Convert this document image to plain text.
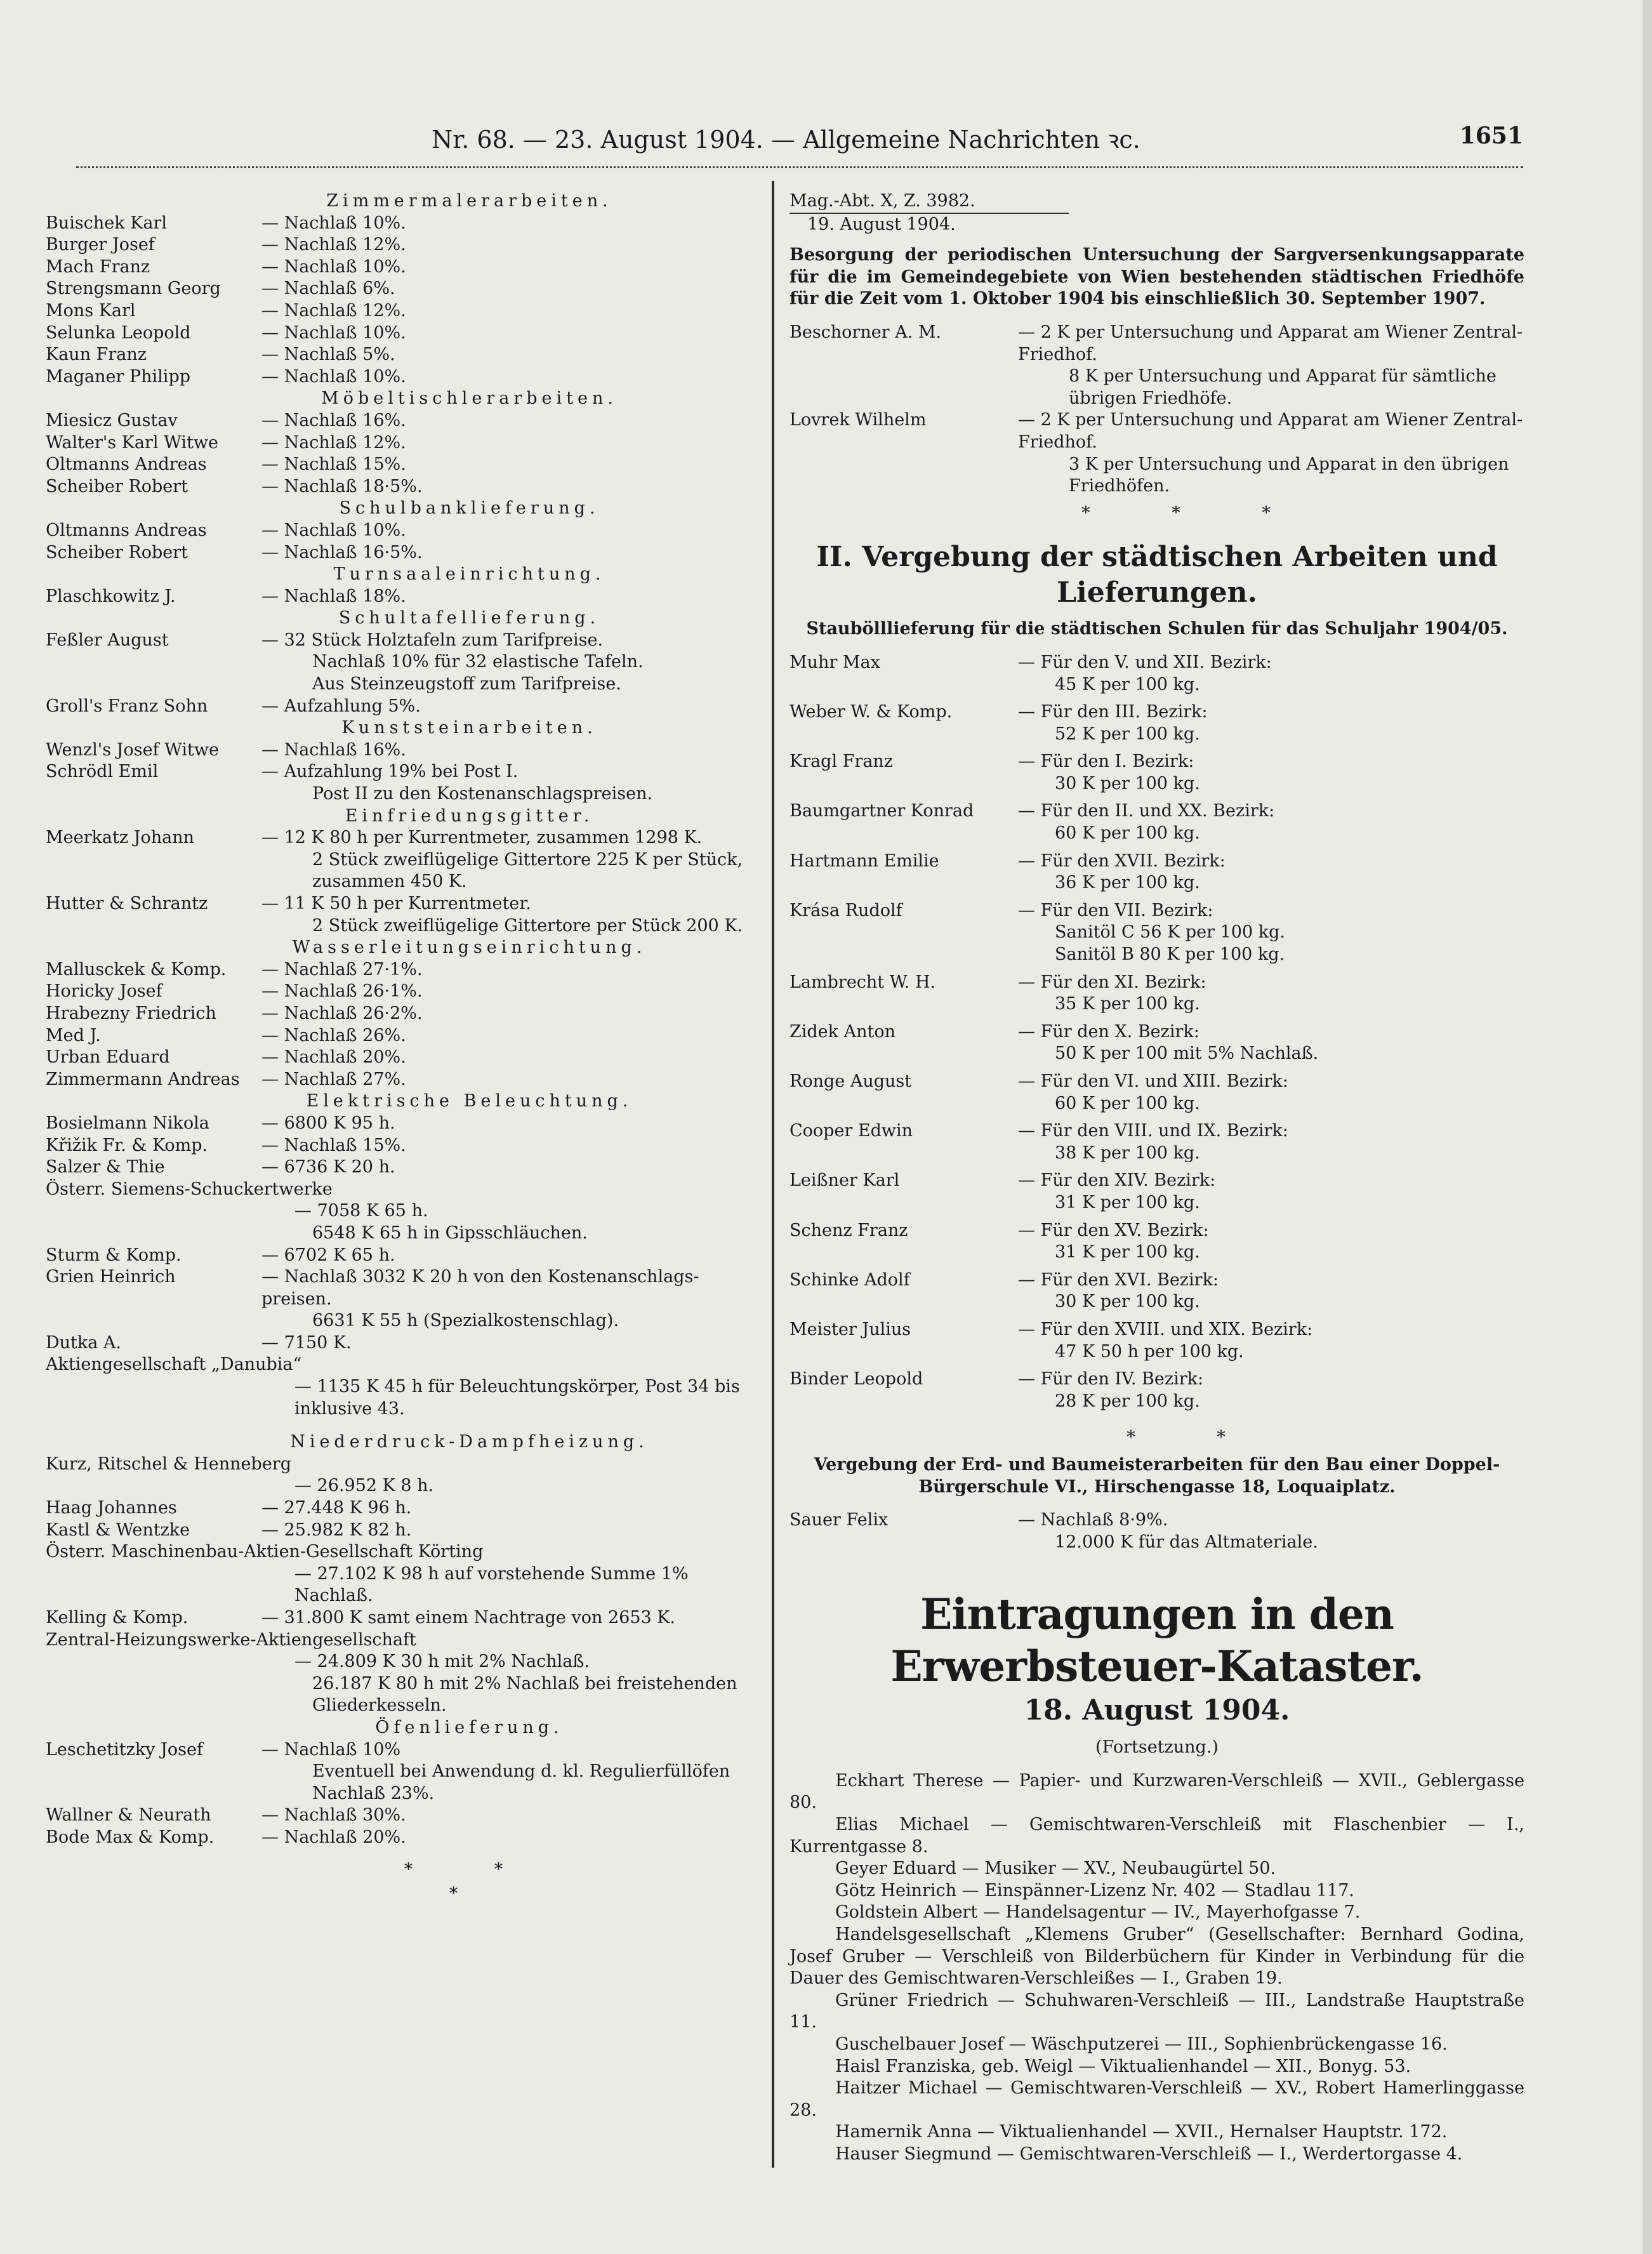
Nr. 68. — 23. August 1904. — Allgemeine Nachrichten ꝛc.	1651
Zimmermalerarbeiten.
Buischek Karl	— Nachlaß 10%.
Burger Josef	— Nachlaß 12%.
Mach Franz	— Nachlaß 10%.
Strengsmann Georg	— Nachlaß 6%.
Mons Karl	— Nachlaß 12%.
Selunka Leopold	— Nachlaß 10%.
Kaun Franz	— Nachlaß 5%.
Maganer Philipp	— Nachlaß 10%.
Möbeltischlerarbeiten.
Miesicz Gustav	— Nachlaß 16%.
Walter's Karl Witwe	— Nachlaß 12%.
Oltmanns Andreas	— Nachlaß 15%.
Scheiber Robert	— Nachlaß 18·5%.
Schulbanklieferung.
Oltmanns Andreas	— Nachlaß 10%.
Scheiber Robert	— Nachlaß 16·5%.
Turnsaaleinrichtung.
Plaschkowitz J.	— Nachlaß 18%.
Schultafellieferung.
Feßler August	— 32 Stück Holztafeln zum Tarifpreise.
Nachlaß 10% für 32 elastische Tafeln.
Aus Steinzeugstoff zum Tarifpreise.
Groll's Franz Sohn	— Aufzahlung 5%.
Kunststeinarbeiten.
Wenzl's Josef Witwe	— Nachlaß 16%.
Schrödl Emil	— Aufzahlung 19% bei Post I.
Post II zu den Kostenanschlagspreisen.
Einfriedungsgitter.
Meerkatz Johann	— 12 K 80 h per Kurrentmeter, zusammen 1298 K.
2 Stück zweiflügelige Gittertore 225 K per Stück,
zusammen 450 K.
Hutter & Schrantz	— 11 K 50 h per Kurrentmeter.
2 Stück zweiflügelige Gittertore per Stück 200 K.
Wasserleitungseinrichtung.
Mallusckek & Komp.	— Nachlaß 27·1%.
Horicky Josef	— Nachlaß 26·1%.
Hrabezny Friedrich	— Nachlaß 26·2%.
Med J.	— Nachlaß 26%.
Urban Eduard	— Nachlaß 20%.
Zimmermann Andreas	— Nachlaß 27%.
Elektrische Beleuchtung.
Bosielmann Nikola	— 6800 K 95 h.
Křižik Fr. & Komp.	— Nachlaß 15%.
Salzer & Thie	— 6736 K 20 h.
Österr. Siemens-Schuckertwerke
— 7058 K 65 h.
6548 K 65 h in Gipsschläuchen.
Sturm & Komp.	— 6702 K 65 h.
Grien Heinrich	— Nachlaß 3032 K 20 h von den Kostenanschlags-preisen.
6631 K 55 h (Spezialkostenschlag).
Dutka A.	— 7150 K.
Aktiengesellschaft „Danubia“
— 1135 K 45 h für Beleuchtungskörper, Post 34 bis inklusive 43.
Niederdruck-Dampfheizung.
Kurz, Ritschel & Henneberg
— 26.952 K 8 h.
Haag Johannes	— 27.448 K 96 h.
Kastl & Wentzke	— 25.982 K 82 h.
Österr. Maschinenbau-Aktien-Gesellschaft Körting
— 27.102 K 98 h auf vorstehende Summe 1% Nachlaß.
Kelling & Komp.	— 31.800 K samt einem Nachtrage von 2653 K.
Zentral-Heizungswerke-Aktiengesellschaft
— 24.809 K 30 h mit 2% Nachlaß.
26.187 K 80 h mit 2% Nachlaß bei freistehenden Gliederkesseln.
Öfenlieferung.
Leschetitzky Josef	— Nachlaß 10%
Eventuell bei Anwendung d. kl. Regulierfüllöfen Nachlaß 23%.
Wallner & Neurath	— Nachlaß 30%.
Bode Max & Komp.	— Nachlaß 20%.
* *
*
Mag.-Abt. X, Z. 3982.
19. August 1904.
Besorgung der periodischen Untersuchung der Sargversenkungsapparate für die im Gemeindegebiete von Wien bestehenden städtischen Friedhöfe für die Zeit vom 1. Oktober 1904 bis einschließlich 30. September 1907.
Beschorner A. M.	— 2 K per Untersuchung und Apparat am Wiener Zentral-Friedhof.
8 K per Untersuchung und Apparat für sämtliche übrigen Friedhöfe.
Lovrek Wilhelm	— 2 K per Untersuchung und Apparat am Wiener Zentral-Friedhof.
3 K per Untersuchung und Apparat in den übrigen Friedhöfen.
* * *
II. Vergebung der städtischen Arbeiten und Lieferungen.
Staubölllieferung für die städtischen Schulen für das Schuljahr 1904/05.
Muhr Max	— Für den V. und XII. Bezirk:
45 K per 100 kg.
Weber W. & Komp.	— Für den III. Bezirk:
52 K per 100 kg.
Kragl Franz	— Für den I. Bezirk:
30 K per 100 kg.
Baumgartner Konrad	— Für den II. und XX. Bezirk:
60 K per 100 kg.
Hartmann Emilie	— Für den XVII. Bezirk:
36 K per 100 kg.
Krása Rudolf	— Für den VII. Bezirk:
Sanitöl C 56 K per 100 kg.
Sanitöl B 80 K per 100 kg.
Lambrecht W. H.	— Für den XI. Bezirk:
35 K per 100 kg.
Zidek Anton	— Für den X. Bezirk:
50 K per 100 mit 5% Nachlaß.
Ronge August	— Für den VI. und XIII. Bezirk:
60 K per 100 kg.
Cooper Edwin	— Für den VIII. und IX. Bezirk:
38 K per 100 kg.
Leißner Karl	— Für den XIV. Bezirk:
31 K per 100 kg.
Schenz Franz	— Für den XV. Bezirk:
31 K per 100 kg.
Schinke Adolf	— Für den XVI. Bezirk:
30 K per 100 kg.
Meister Julius	— Für den XVIII. und XIX. Bezirk:
47 K 50 h per 100 kg.
Binder Leopold	— Für den IV. Bezirk:
28 K per 100 kg.
* *
Vergebung der Erd- und Baumeisterarbeiten für den Bau einer Doppel-Bürgerschule VI., Hirschengasse 18, Loquaiplatz.
Sauer Felix	— Nachlaß 8·9%.
12.000 K für das Altmateriale.
Eintragungen in den Erwerbsteuer-Kataster.
18. August 1904.
(Fortsetzung.)
Eckhart Therese — Papier- und Kurzwaren-Verschleiß — XVII., Geblergasse 80.
Elias Michael — Gemischtwaren-Verschleiß mit Flaschenbier — I., Kurrentgasse 8.
Geyer Eduard — Musiker — XV., Neubaugürtel 50.
Götz Heinrich — Einspänner-Lizenz Nr. 402 — Stadlau 117.
Goldstein Albert — Handelsagentur — IV., Mayerhofgasse 7.
Handelsgesellschaft „Klemens Gruber“ (Gesellschafter: Bernhard Godina, Josef Gruber — Verschleiß von Bilderbüchern für Kinder in Verbindung für die Dauer des Gemischtwaren-Verschleißes — I., Graben 19.
Grüner Friedrich — Schuhwaren-Verschleiß — III., Landstraße Hauptstraße 11.
Guschelbauer Josef — Wäschputzerei — III., Sophienbrückengasse 16.
Haisl Franziska, geb. Weigl — Viktualienhandel — XII., Bonyg. 53.
Haitzer Michael — Gemischtwaren-Verschleiß — XV., Robert Hamerlinggasse 28.
Hamernik Anna — Viktualienhandel — XVII., Hernalser Hauptstr. 172.
Hauser Siegmund — Gemischtwaren-Verschleiß — I., Werdertorgasse 4.
